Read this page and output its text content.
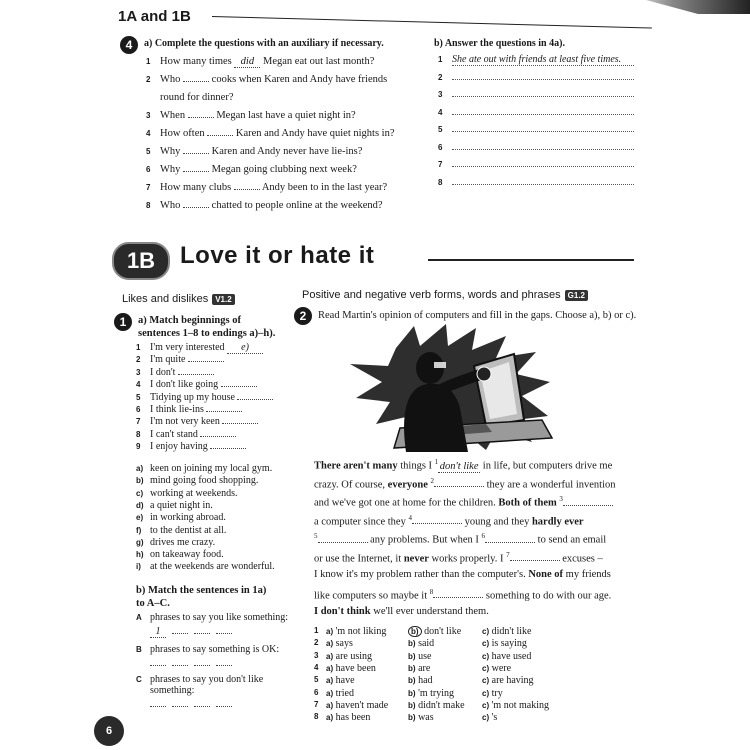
1A and 1B
4	a) Complete the questions with an auxiliary if necessary.	b) Answer the questions in 4a).
1 How many times did Megan eat out last month?
2 Who	cooks when Karen and Andy have friends
round for dinner?
3 When	Megan last have a quiet night in?
4 How often	Karen and Andy have quiet nights in?
5 Why	Karen and Andy never have lie-ins?
6 Why	Megan going clubbing next week?
7 How many clubs	Andy been to in the last year?
8 Who	chatted to people online at the weekend?
1 She ate out with friends at least five times.
2
3
4
5
6
7
8
1B	Love it or hate it
Likes and dislikes V1.2
1	a) Match beginnings of
sentences 1–8 to endings a)–h).
1 I'm very interested e)
2 I'm quite
3 I don't
4 I don't like going
5 Tidying up my house
6 I think lie-ins
7 I'm not very keen
8 I can't stand
9 I enjoy having
a) keen on joining my local gym.
b) mind going food shopping.
c) working at weekends.
d) a quiet night in.
e) in working abroad.
f) to the dentist at all.
g) drives me crazy.
h) on takeaway food.
i) at the weekends are wonderful.
b) Match the sentences in 1a)
to A–C.
A phrases to say you like something:
1
B phrases to say something is OK:
C phrases to say you don't like
something:
6
Positive and negative verb forms, words and phrases G1.2
2	Read Martin's opinion of computers and fill in the gaps. Choose a), b) or c).
There aren't many things I $^1$ don't like in life, but computers drive me
crazy. Of course, everyone $^2$	they are a wonderful invention
and we've got one at home for the children. Both of them $^3$
a computer since they $^4$	young and they hardly ever
$^5$	any problems. But when I $^6$	to send an email
or use the Internet, it never works properly. I $^7$	excuses –
I know it's my problem rather than the computer's. None of my friends
like computers so maybe it $^8$	something to do with our age.
I don't think we'll ever understand them.
1 a) 'm not liking	b) don't like	c) didn't like
2 a) says	b) said	c) is saying
3 a) are using	b) use	c) have used
4 a) have been	b) are	c) were
5 a) have	b) had	c) are having
6 a) tried	b) 'm trying	c) try
7 a) haven't made b) didn't make c) 'm not making
8 a) has been	b) was	c) 's
